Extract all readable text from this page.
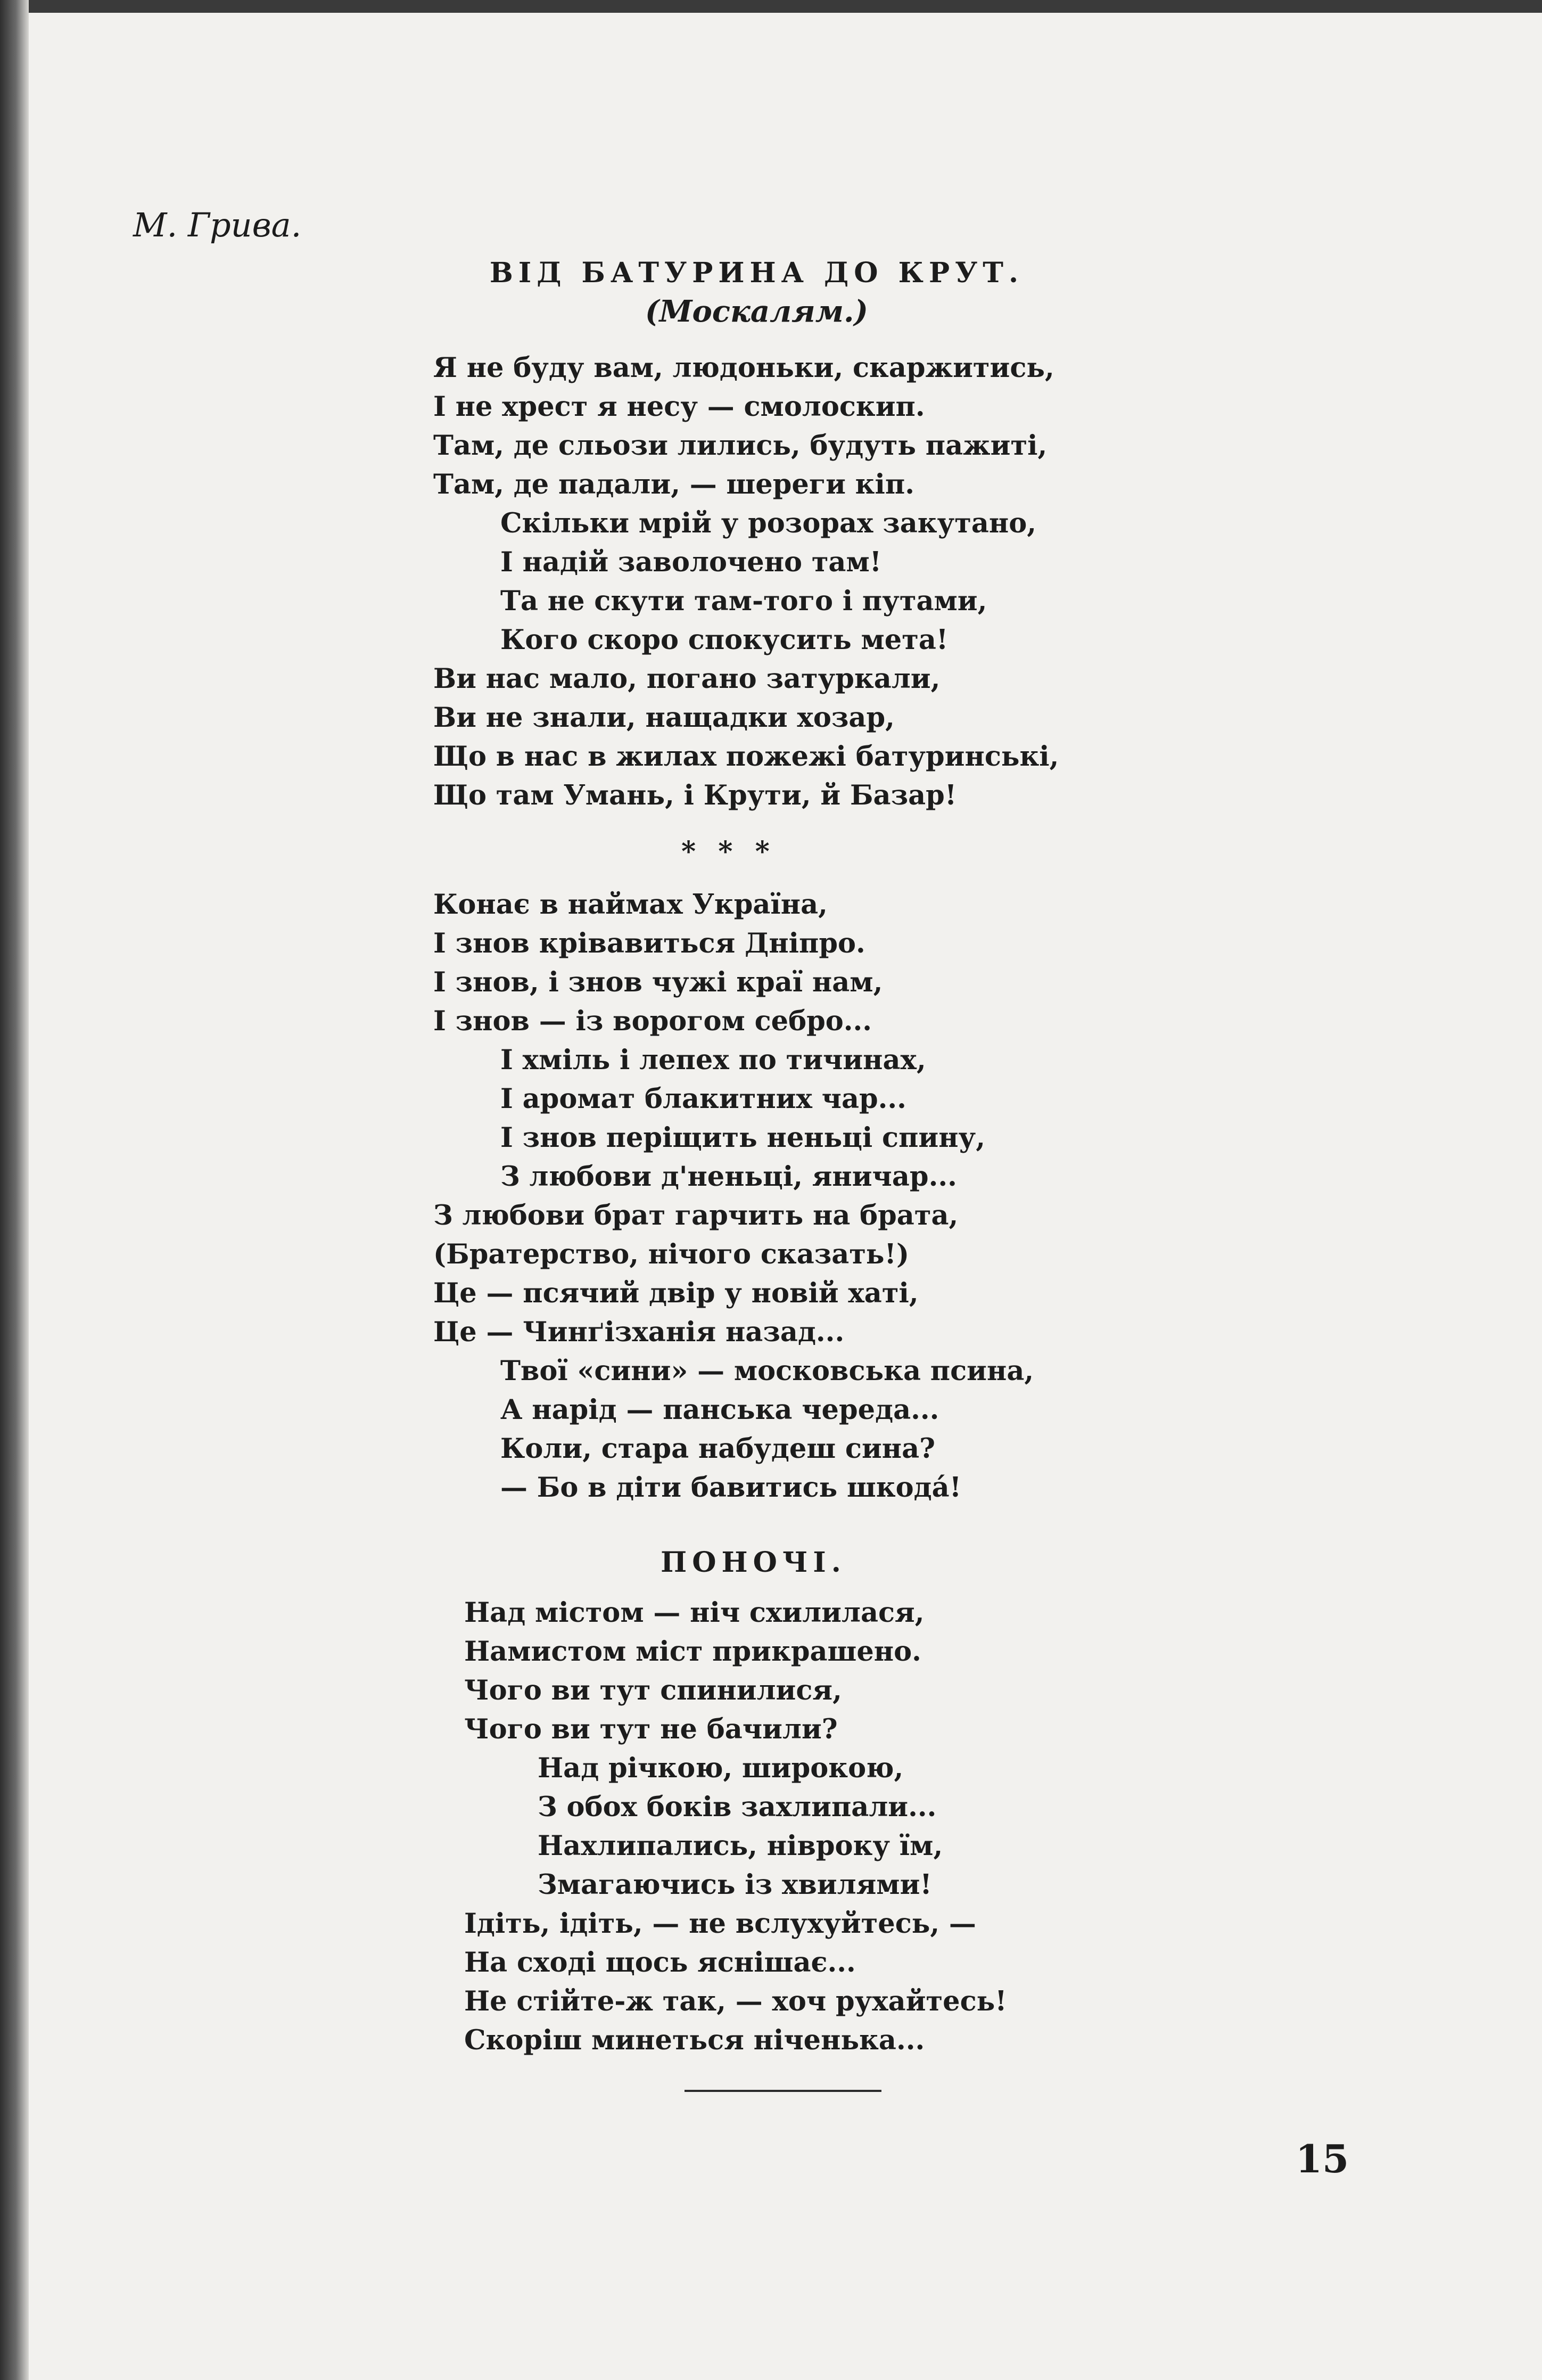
М. Грива.
ВІД БАТУРИНА ДО КРУТ.
(Москалям.)
Я не буду вам, людоньки, скаржитись,
І не хрест я несу — смолоскип.
Там, де сльози лились, будуть пажиті,
Там, де падали, — шереги кіп.
Скільки мрій у розорах закутано,
І надій заволочено там!
Та не скути там-того і путами,
Кого скоро спокусить мета!
Ви нас мало, погано затуркали,
Ви не знали, нащадки хозар,
Що в нас в жилах пожежі батуринські,
Що там Умань, і Крути, й Базар!
* * *
Конає в наймах Україна,
І знов крівавиться Дніпро.
І знов, і знов чужі краї нам,
І знов — із ворогом себро...
І хміль і лепех по тичинах,
І аромат блакитних чар...
І знов періщить неньці спину,
З любови д'неньці, яничар...
З любови брат гарчить на брата,
(Братерство, нічого сказать!)
Це — псячий двір у новій хаті,
Це — Чинґізханія назад...
Твої «сини» — московська псина,
А нарід — панська череда...
Коли, стара набудеш сина?
— Бо в діти бавитись шкода́!
ПОНОЧІ.
Над містом — ніч схилилася,
Намистом міст прикрашено.
Чого ви тут спинилися,
Чого ви тут не бачили?
Над річкою, широкою,
З обох боків захлипали...
Нахлипались, нівроку їм,
Змагаючись із хвилями!
Ідіть, ідіть, — не вслухуйтесь, —
На сході щось яснішає...
Не стійте-ж так, — хоч рухайтесь!
Скоріш минеться ніченька...
15
